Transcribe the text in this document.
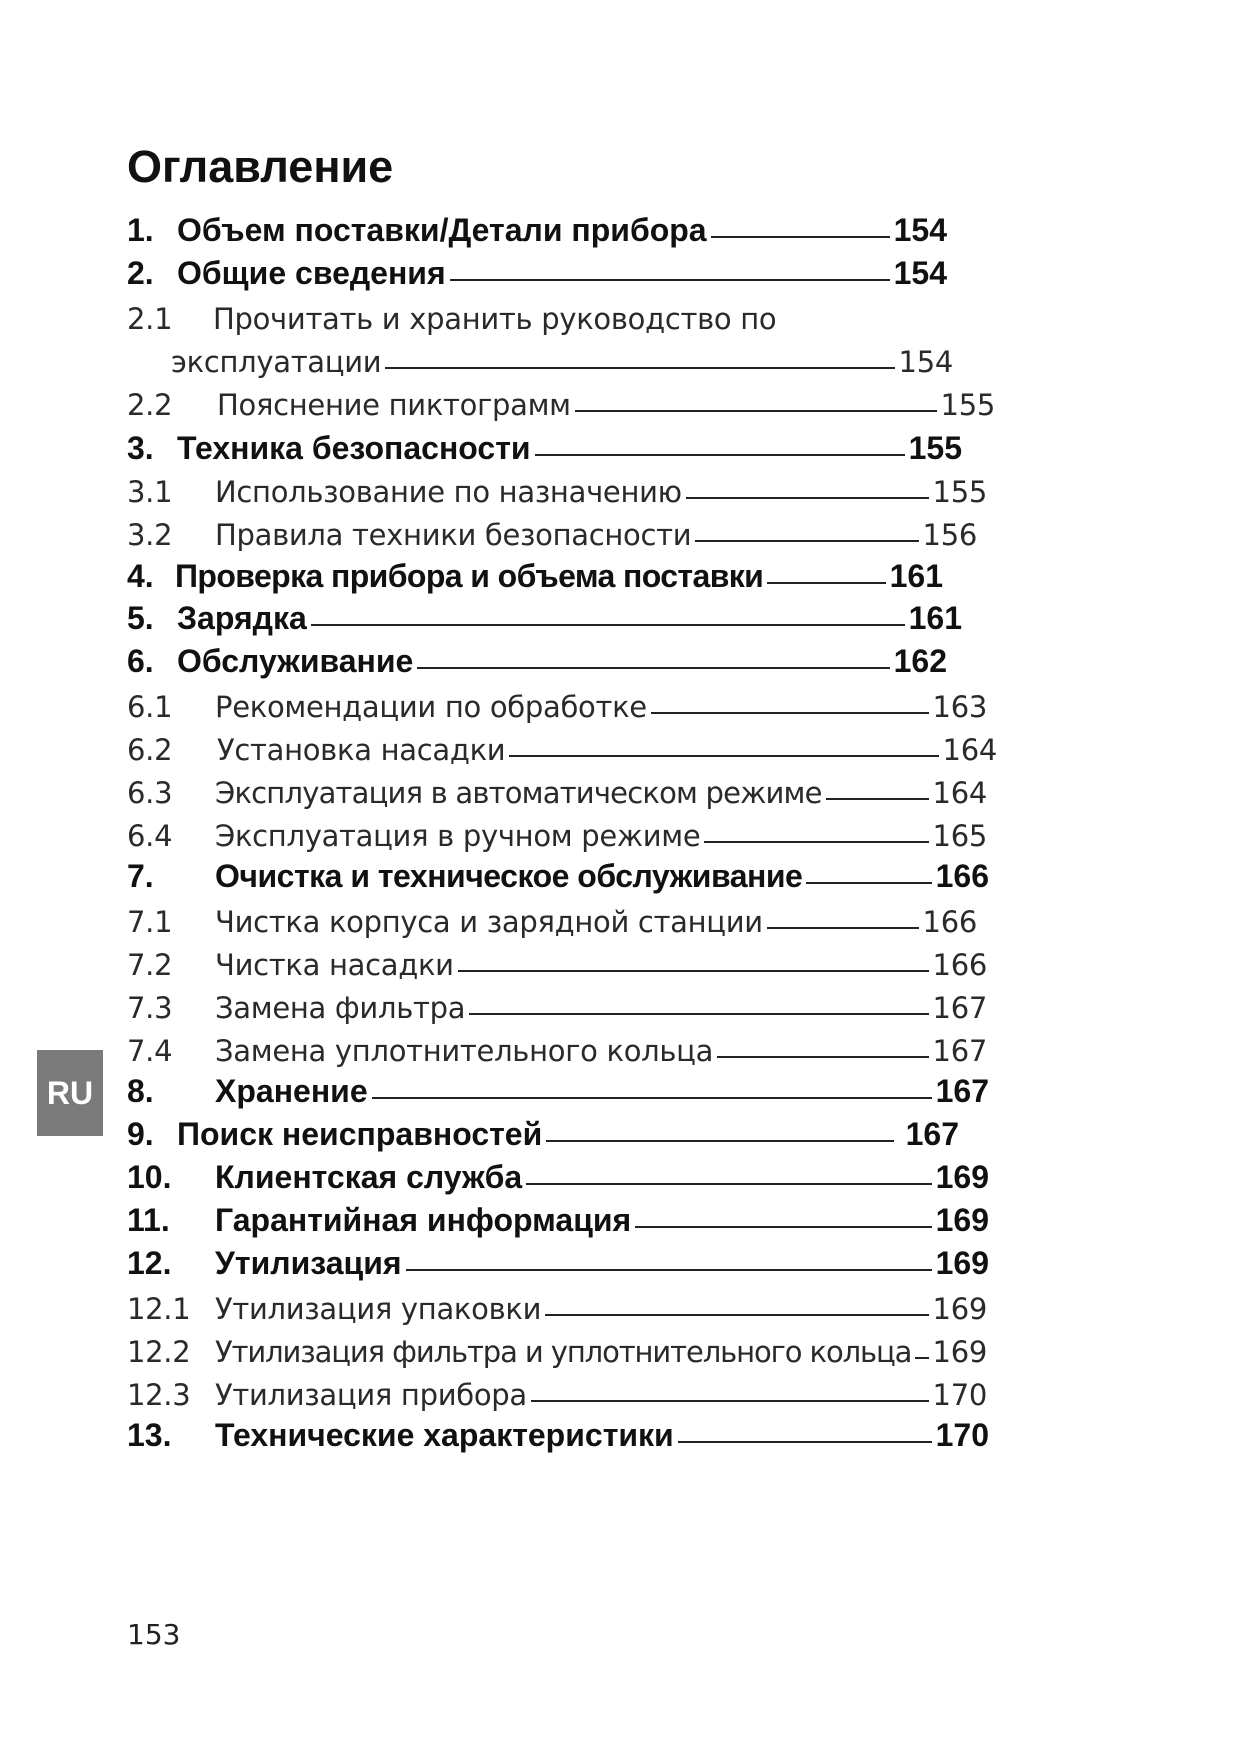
Оглавление
1. Объем поставки/Детали прибора	154
2. Общие сведения	154
2.1	Прочитать и хранить руководство по
эксплуатации	154
2.2	Пояснение пиктограмм	155
3. Техника безопасности	155
3.1	Использование по назначению	155
3.2	Правила техники безопасности	156
4. Проверка прибора и объема поставки	161
5. Зарядка	161
6. Обслуживание	162
6.1	Рекомендации по обработке	163
6.2	Установка насадки	164
6.3	Эксплуатация в автоматическом режиме	164
6.4	Эксплуатация в ручном режиме	165
7.	Очистка и техническое обслуживание	166
7.1	Чистка корпуса и зарядной станции	166
7.2	Чистка насадки	166
7.3	Замена фильтра	167
7.4	Замена уплотнительного кольца	167
8.	Хранение	167
9. Поиск неисправностей	167
10.	Клиентская служба	169
11.	Гарантийная информация	169
12.	Утилизация	169
12.1 Утилизация упаковки	169
12.2 Утилизация фильтра и уплотнительного кольца 169
12.3 Утилизация прибора	170
13.	Технические характеристики	170
RU
153
